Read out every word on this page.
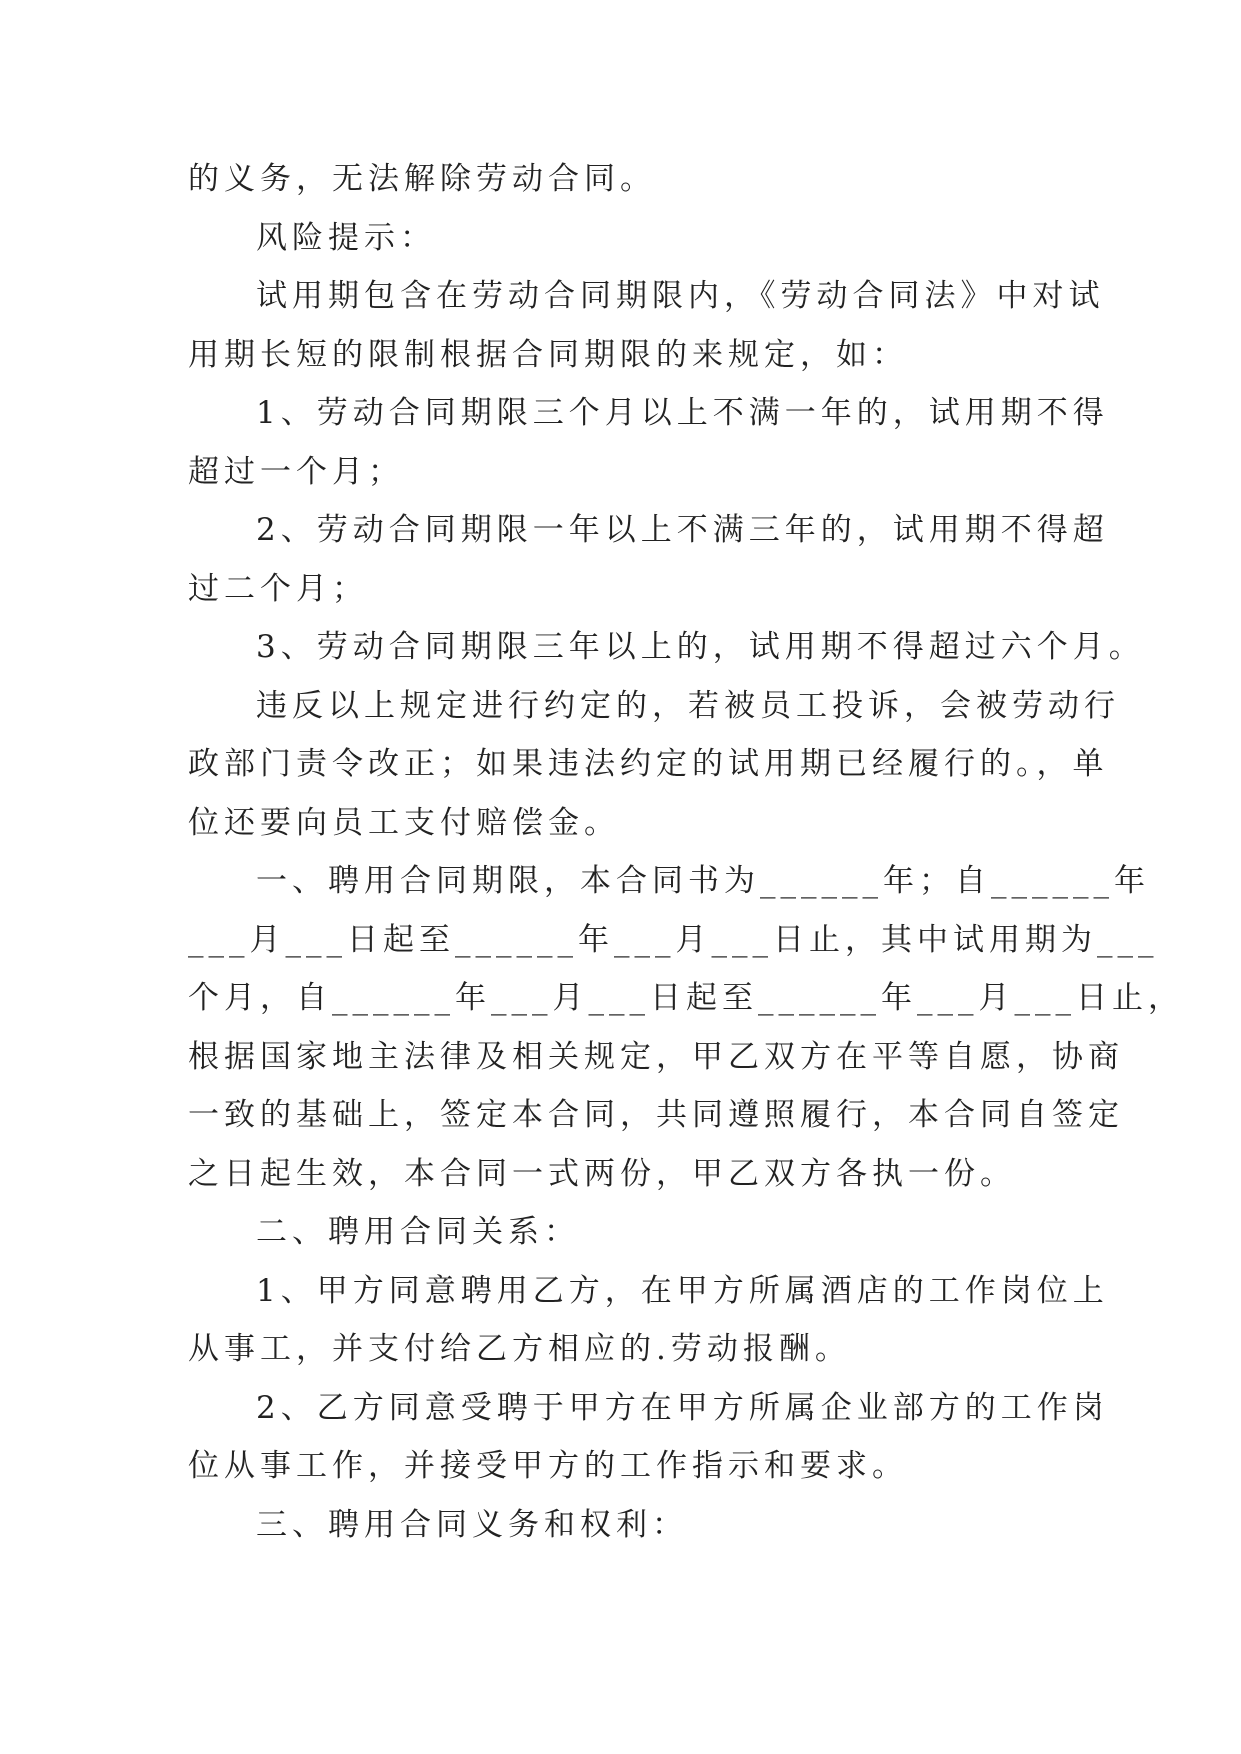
的义务，无法解除劳动合同。
风险提示：
试用期包含在劳动合同期限内，《劳动合同法》中对试
用期长短的限制根据合同期限的来规定，如：
1、劳动合同期限三个月以上不满一年的，试用期不得
超过一个月；
2、劳动合同期限一年以上不满三年的，试用期不得超
过二个月；
3、劳动合同期限三年以上的，试用期不得超过六个月。
违反以上规定进行约定的，若被员工投诉，会被劳动行
政部门责令改正；如果违法约定的试用期已经履行的。，单
位还要向员工支付赔偿金。
一、聘用合同期限，本合同书为______年；自______年
___月___日起至______年___月___日止，其中试用期为___
个月，自______年___月___日起至______年___月___日止，
根据国家地主法律及相关规定，甲乙双方在平等自愿，协商
一致的基础上，签定本合同，共同遵照履行，本合同自签定
之日起生效，本合同一式两份，甲乙双方各执一份。
二、聘用合同关系：
1、甲方同意聘用乙方，在甲方所属酒店的工作岗位上
从事工，并支付给乙方相应的.劳动报酬。
2、乙方同意受聘于甲方在甲方所属企业部方的工作岗
位从事工作，并接受甲方的工作指示和要求。
三、聘用合同义务和权利：
